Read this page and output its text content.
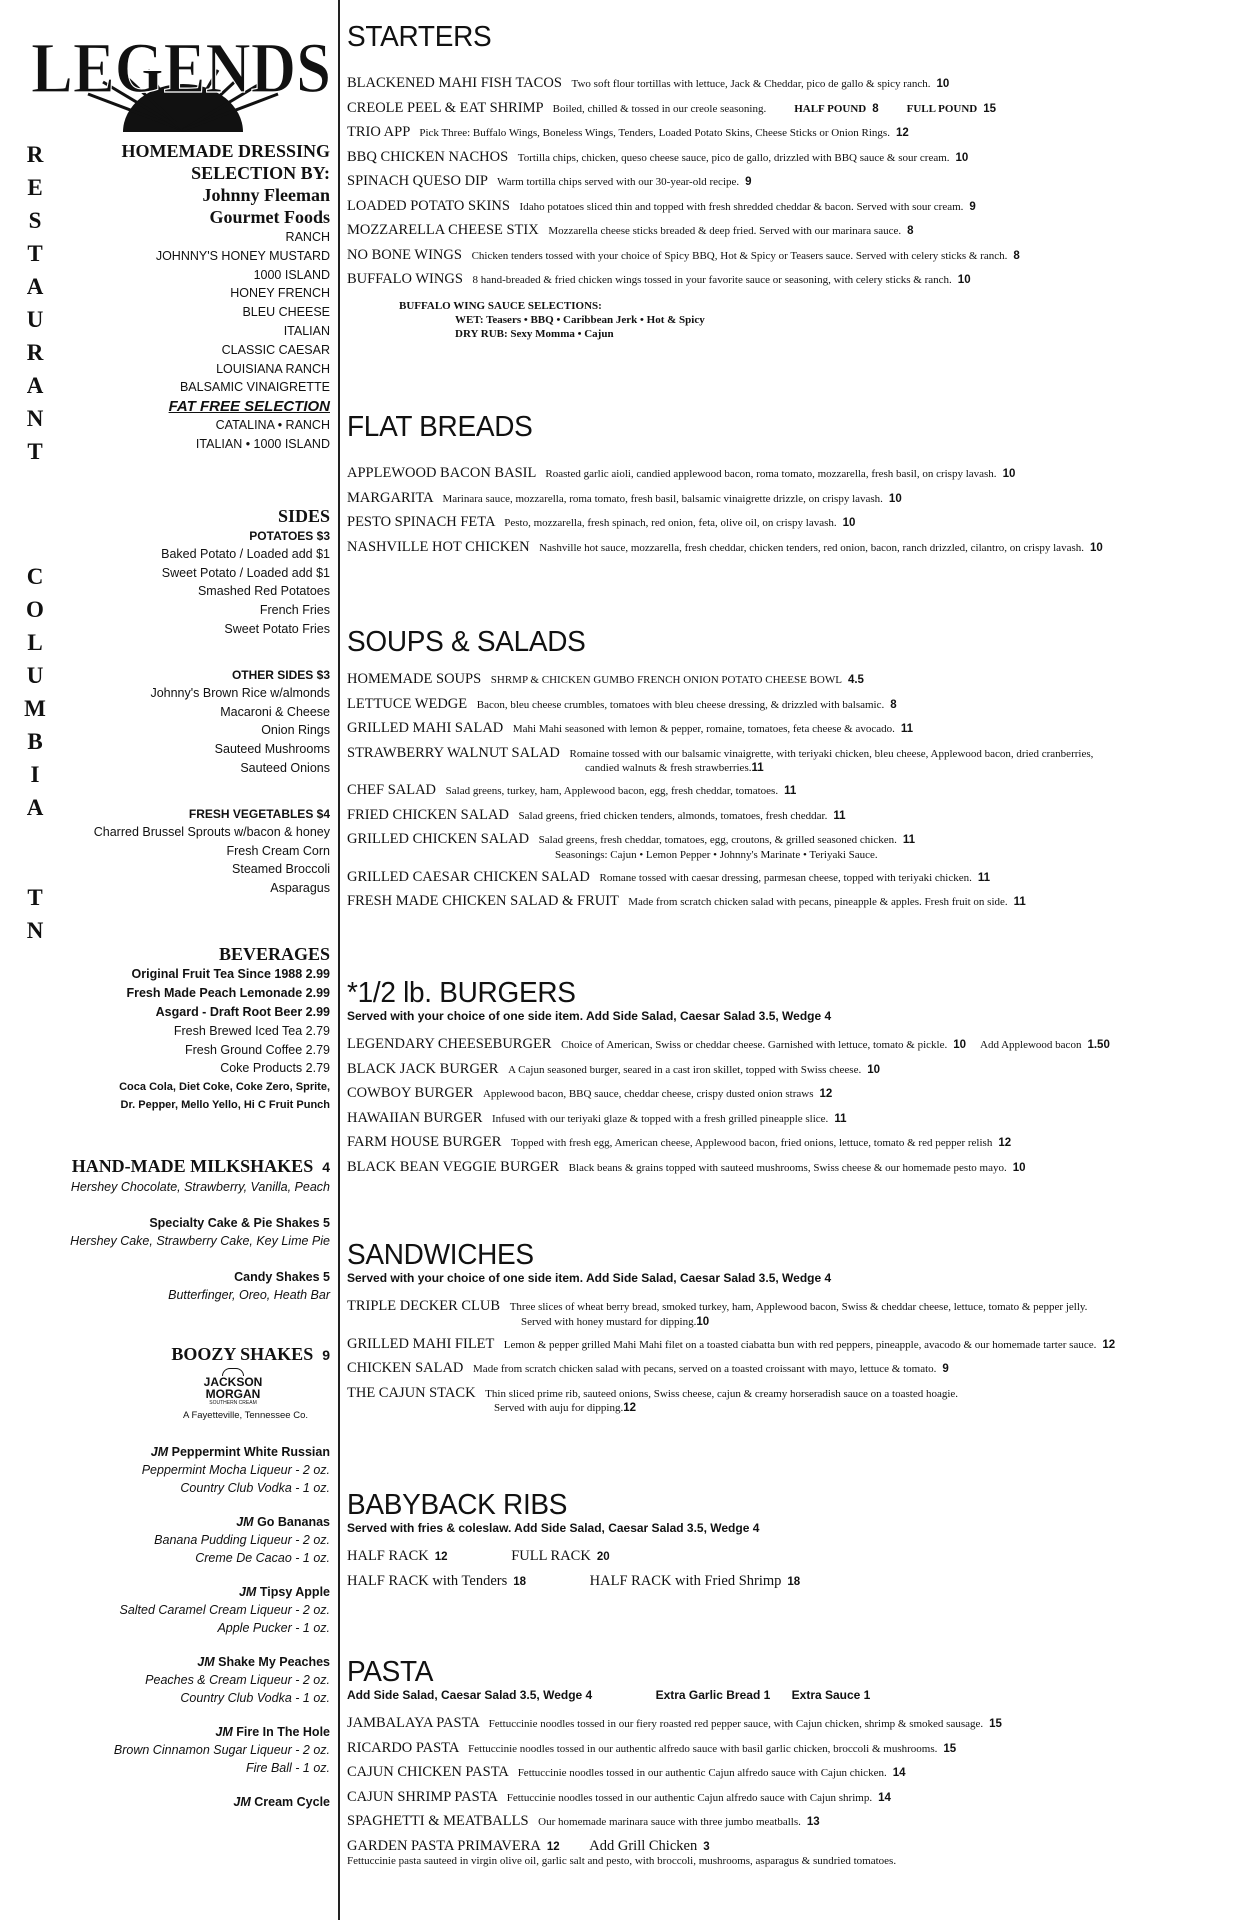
LEGENDS
R
E
S
T
A
U
R
A
N
T
C
O
L
U
M
B
I
A
T
N
HOMEMADE DRESSING
SELECTION BY:
Johnny Fleeman
Gourmet Foods
RANCH
JOHNNY'S HONEY MUSTARD
1000 ISLAND
HONEY FRENCH
BLEU CHEESE
ITALIAN
CLASSIC CAESAR
LOUISIANA RANCH
BALSAMIC VINAIGRETTE
FAT FREE SELECTION
CATALINA • RANCH
ITALIAN • 1000 ISLAND
SIDES
POTATOES $3
Baked Potato / Loaded add $1
Sweet Potato / Loaded add $1
Smashed Red Potatoes
French Fries
Sweet Potato Fries
OTHER SIDES $3
Johnny's Brown Rice w/almonds
Macaroni & Cheese
Onion Rings
Sauteed Mushrooms
Sauteed Onions
FRESH VEGETABLES $4
Charred Brussel Sprouts w/bacon & honey
Fresh Cream Corn
Steamed Broccoli
Asparagus
BEVERAGES
Original Fruit Tea Since 1988 2.99
Fresh Made Peach Lemonade 2.99
Asgard - Draft Root Beer 2.99
Fresh Brewed Iced Tea 2.79
Fresh Ground Coffee 2.79
Coke Products 2.79
Coca Cola, Diet Coke, Coke Zero, Sprite,
Dr. Pepper, Mello Yello, Hi C Fruit Punch
HAND-MADE MILKSHAKES 4
Hershey Chocolate, Strawberry, Vanilla, Peach
Specialty Cake & Pie Shakes 5
Hershey Cake, Strawberry Cake, Key Lime Pie
Candy Shakes 5
Butterfinger, Oreo, Heath Bar
BOOZY SHAKES 9
JACKSON
MORGAN
SOUTHERN CREAM
A Fayetteville, Tennessee Co.
JM Peppermint White Russian
Peppermint Mocha Liqueur - 2 oz.
Country Club Vodka - 1 oz.
JM Go Bananas
Banana Pudding Liqueur - 2 oz.
Creme De Cacao - 1 oz.
JM Tipsy Apple
Salted Caramel Cream Liqueur - 2 oz.
Apple Pucker - 1 oz.
JM Shake My Peaches
Peaches & Cream Liqueur - 2 oz.
Country Club Vodka - 1 oz.
JM Fire In The Hole
Brown Cinnamon Sugar Liqueur - 2 oz.
Fire Ball - 1 oz.
JM Cream Cycle
STARTERS
BLACKENED MAHI FISH TACOS Two soft flour tortillas with lettuce, Jack & Cheddar, pico de gallo & spicy ranch. 10
CREOLE PEEL & EAT SHRIMP Boiled, chilled & tossed in our creole seasoning.	HALF POUND 8	FULL POUND 15
TRIO APP Pick Three: Buffalo Wings, Boneless Wings, Tenders, Loaded Potato Skins, Cheese Sticks or Onion Rings. 12
BBQ CHICKEN NACHOS Tortilla chips, chicken, queso cheese sauce, pico de gallo, drizzled with BBQ sauce & sour cream. 10
SPINACH QUESO DIP Warm tortilla chips served with our 30-year-old recipe. 9
LOADED POTATO SKINS Idaho potatoes sliced thin and topped with fresh shredded cheddar & bacon. Served with sour cream. 9
MOZZARELLA CHEESE STIX Mozzarella cheese sticks breaded & deep fried. Served with our marinara sauce. 8
NO BONE WINGS Chicken tenders tossed with your choice of Spicy BBQ, Hot & Spicy or Teasers sauce. Served with celery sticks & ranch. 8
BUFFALO WINGS 8 hand-breaded & fried chicken wings tossed in your favorite sauce or seasoning, with celery sticks & ranch. 10
BUFFALO WING SAUCE SELECTIONS:
WET: Teasers • BBQ • Caribbean Jerk • Hot & Spicy
DRY RUB: Sexy Momma • Cajun
FLAT BREADS
APPLEWOOD BACON BASIL Roasted garlic aioli, candied applewood bacon, roma tomato, mozzarella, fresh basil, on crispy lavash. 10
MARGARITA Marinara sauce, mozzarella, roma tomato, fresh basil, balsamic vinaigrette drizzle, on crispy lavash. 10
PESTO SPINACH FETA Pesto, mozzarella, fresh spinach, red onion, feta, olive oil, on crispy lavash. 10
NASHVILLE HOT CHICKEN Nashville hot sauce, mozzarella, fresh cheddar, chicken tenders, red onion, bacon, ranch drizzled, cilantro, on crispy lavash. 10
SOUPS & SALADS
HOMEMADE SOUPS SHRMP & CHICKEN GUMBO FRENCH ONION POTATO CHEESE BOWL 4.5
LETTUCE WEDGE Bacon, bleu cheese crumbles, tomatoes with bleu cheese dressing, & drizzled with balsamic. 8
GRILLED MAHI SALAD Mahi Mahi seasoned with lemon & pepper, romaine, tomatoes, feta cheese & avocado. 11
STRAWBERRY WALNUT SALAD Romaine tossed with our balsamic vinaigrette, with teriyaki chicken, bleu cheese, Applewood bacon, dried cranberries,
candied walnuts & fresh strawberries.11
CHEF SALAD Salad greens, turkey, ham, Applewood bacon, egg, fresh cheddar, tomatoes. 11
FRIED CHICKEN SALAD Salad greens, fried chicken tenders, almonds, tomatoes, fresh cheddar. 11
GRILLED CHICKEN SALAD Salad greens, fresh cheddar, tomatoes, egg, croutons, & grilled seasoned chicken. 11
Seasonings: Cajun • Lemon Pepper • Johnny's Marinate • Teriyaki Sauce.
GRILLED CAESAR CHICKEN SALAD Romane tossed with caesar dressing, parmesan cheese, topped with teriyaki chicken. 11
FRESH MADE CHICKEN SALAD & FRUIT Made from scratch chicken salad with pecans, pineapple & apples. Fresh fruit on side. 11
*1/2 lb. BURGERS
Served with your choice of one side item. Add Side Salad, Caesar Salad 3.5, Wedge 4
LEGENDARY CHEESEBURGER Choice of American, Swiss or cheddar cheese. Garnished with lettuce, tomato & pickle. 10 Add Applewood bacon 1.50
BLACK JACK BURGER A Cajun seasoned burger, seared in a cast iron skillet, topped with Swiss cheese. 10
COWBOY BURGER Applewood bacon, BBQ sauce, cheddar cheese, crispy dusted onion straws 12
HAWAIIAN BURGER Infused with our teriyaki glaze & topped with a fresh grilled pineapple slice. 11
FARM HOUSE BURGER Topped with fresh egg, American cheese, Applewood bacon, fried onions, lettuce, tomato & red pepper relish 12
BLACK BEAN VEGGIE BURGER Black beans & grains topped with sauteed mushrooms, Swiss cheese & our homemade pesto mayo. 10
SANDWICHES
Served with your choice of one side item. Add Side Salad, Caesar Salad 3.5, Wedge 4
TRIPLE DECKER CLUB Three slices of wheat berry bread, smoked turkey, ham, Applewood bacon, Swiss & cheddar cheese, lettuce, tomato & pepper jelly.
Served with honey mustard for dipping.10
GRILLED MAHI FILET Lemon & pepper grilled Mahi Mahi filet on a toasted ciabatta bun with red peppers, pineapple, avacodo & our homemade tarter sauce. 12
CHICKEN SALAD Made from scratch chicken salad with pecans, served on a toasted croissant with mayo, lettuce & tomato. 9
THE CAJUN STACK Thin sliced prime rib, sauteed onions, Swiss cheese, cajun & creamy horseradish sauce on a toasted hoagie.
Served with auju for dipping.12
BABYBACK RIBS
Served with fries & coleslaw. Add Side Salad, Caesar Salad 3.5, Wedge 4
HALF RACK 12	FULL RACK 20
HALF RACK with Tenders 18	HALF RACK with Fried Shrimp 18
PASTA
Add Side Salad, Caesar Salad 3.5, Wedge 4	Extra Garlic Bread 1 Extra Sauce 1
JAMBALAYA PASTA Fettuccinie noodles tossed in our fiery roasted red pepper sauce, with Cajun chicken, shrimp & smoked sausage. 15
RICARDO PASTA Fettuccinie noodles tossed in our authentic alfredo sauce with basil garlic chicken, broccoli & mushrooms. 15
CAJUN CHICKEN PASTA Fettuccinie noodles tossed in our authentic Cajun alfredo sauce with Cajun chicken. 14
CAJUN SHRIMP PASTA Fettuccinie noodles tossed in our authentic Cajun alfredo sauce with Cajun shrimp. 14
SPAGHETTI & MEATBALLS Our homemade marinara sauce with three jumbo meatballs. 13
GARDEN PASTA PRIMAVERA 12 Add Grill Chicken 3
Fettuccinie pasta sauteed in virgin olive oil, garlic salt and pesto, with broccoli, mushrooms, asparagus & sundried tomatoes.
